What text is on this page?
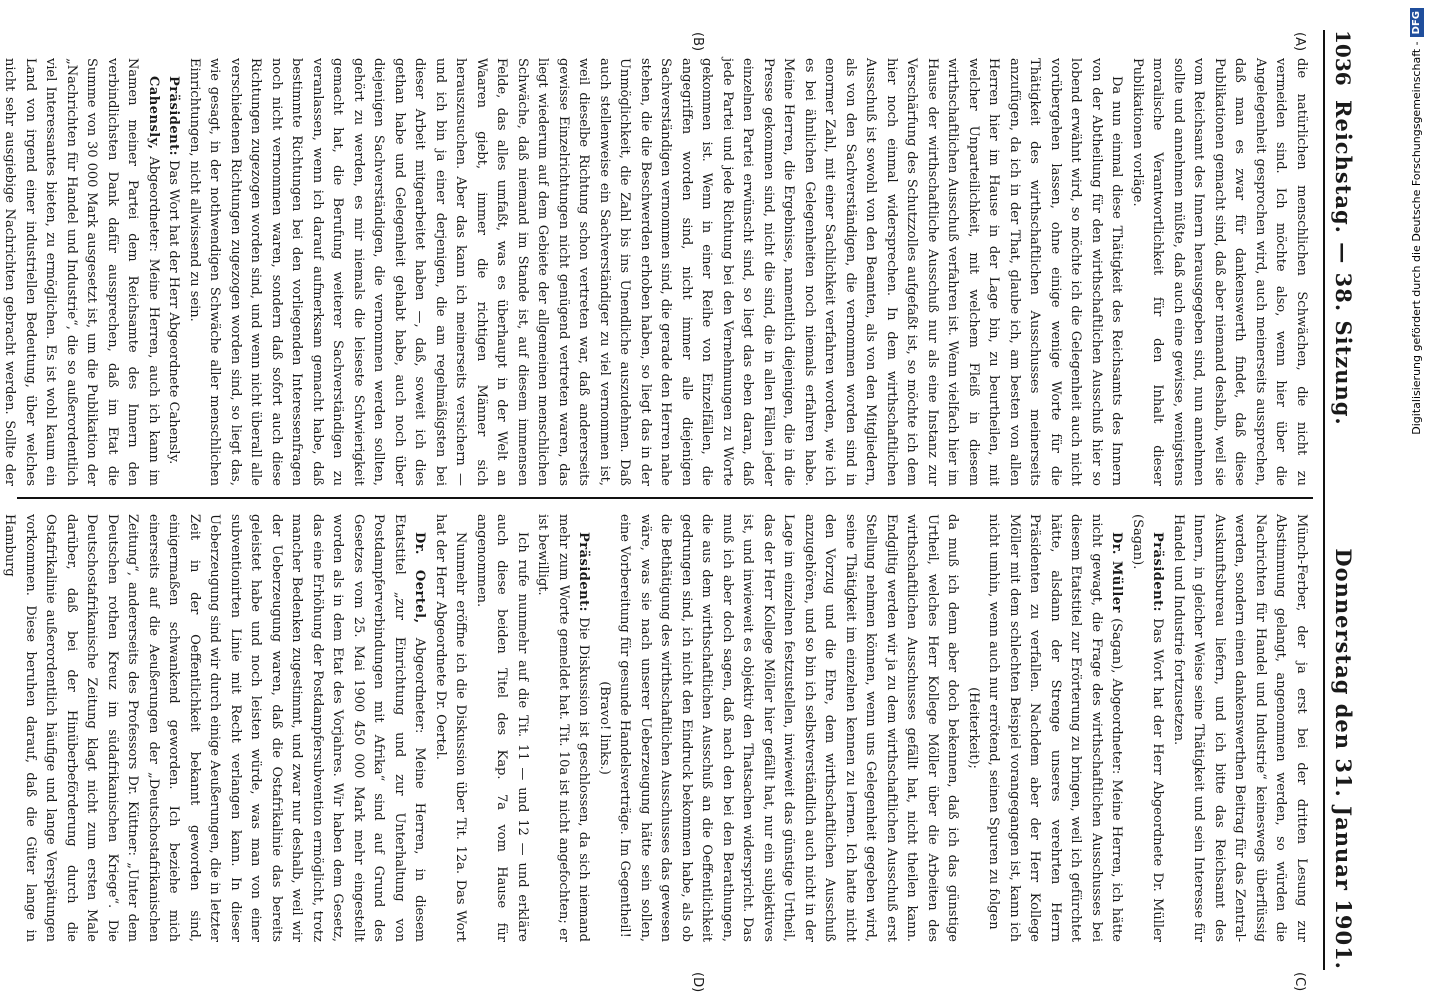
1036
Reichstag. — 38. Sitzung.
Donnerstag den 31. Januar 1901.
(A)
(B)
(C)
(D)

die natürlichen menschlichen Schwächen, die nicht zu vermeiden sind. Ich möchte also, wenn hier über die Angelegenheit gesprochen wird, auch meinerseits aussprechen, daß man es zwar für dankenswerth findet, daß diese Publikationen gemacht sind, daß aber niemand deshalb, weil sie vom Reichsamt des Innern herausgegeben sind, nun annehmen sollte und annehmen müßte, daß auch eine gewisse, wenigstens moralische Verantwortlichkeit für den Inhalt dieser Publikationen vorläge.

Da nun einmal diese Thätigkeit des Reichsamts des Innern von der Abtheilung für den wirthschaftlichen Ausschuß hier so lobend erwähnt wird, so möchte ich die Gelegenheit auch nicht vorübergehen lassen, ohne einige wenige Worte für die Thätigkeit des wirthschaftlichen Ausschusses meinerseits anzufügen, da ich in der That, glaube ich, am besten von allen Herren hier im Hause in der Lage bin, zu beurtheilen, mit welcher Unparteilichkeit, mit welchem Fleiß in diesem wirthschaftlichen Ausschuß verfahren ist. Wenn vielfach hier im Hause der wirthschaftliche Ausschuß nur als eine Instanz zur Verschärfung des Schutzzolles aufgefaßt ist, so möchte ich dem hier noch einmal widersprechen. In dem wirthschaftlichen Ausschuß ist sowohl von den Beamten, als von den Mitgliedern, als von den Sachverständigen, die vernommen worden sind in enormer Zahl, mit einer Sachlichkeit verfahren worden, wie ich es bei ähnlichen Gelegenheiten noch niemals erfahren habe. Meine Herren, die Ergebnisse, namentlich diejenigen, die in die Presse gekommen sind, nicht die sind, die in allen Fällen jeder einzelnen Partei erwünscht sind, so liegt das eben daran, daß jede Partei und jede Richtung bei den Vernehmungen zu Worte gekommen ist. Wenn in einer Reihe von Einzelfällen, die angegriffen worden sind, nicht immer alle diejenigen Sachverständigen vernommen sind, die gerade den Herren nahe stehen, die die Beschwerden erhoben haben, so liegt das in der Unmöglichkeit, die Zahl bis ins Unendliche auszudehnen. Daß auch stellenweise ein Sachverständiger zu viel vernommen ist, weil dieselbe Richtung schon vertreten war, daß andererseits gewisse Einzelrichtungen nicht genügend vertreten waren, das liegt wiederum auf dem Gebiete der allgemeinen menschlichen Schwäche, daß niemand im Stande ist, auf diesem immensen Felde, das alles umfaßt, was es überhaupt in der Welt an Waaren giebt, immer die richtigen Männer sich herauszusuchen. Aber das kann ich meinerseits versichern — und ich bin ja einer derjenigen, die am regelmäßigsten bei dieser Arbeit mitgearbeitet haben —, daß, soweit ich dies gethan habe und Gelegenheit gehabt habe, auch noch über diejenigen Sachverständigen, die vernommen werden sollten, gehört zu werden, es mir niemals die leiseste Schwierigkeit gemacht hat, die Berufung weiterer Sachverständigen zu veranlassen, wenn ich darauf aufmerksam gemacht habe, daß bestimmte Richtungen bei den vorliegenden Interessenfragen noch nicht vernommen waren, sondern daß sofort auch diese Richtungen zugezogen worden sind, und wenn nicht überall alle verschiedenen Richtungen zugezogen worden sind, so liegt das, wie gesagt, in der nothwendigen Schwäche aller menschlichen Einrichtungen, nicht allwissend zu sein.

Präsident: Das Wort hat der Herr Abgeordnete Cahensly.

Cahensly, Abgeordneter: Meine Herren, auch ich kann im Namen meiner Partei dem Reichsamte des Innern den verbindlichsten Dank dafür aussprechen, daß im Etat die Summe von 30 000 Mark ausgesetzt ist, um die Publikation der „Nachrichten für Handel und Industrie“, die so außerordentlich viel Interessantes bieten, zu ermöglichen. Es ist wohl kaum ein Land von irgend einer industriellen Bedeutung, über welches nicht sehr ausgiebige Nachrichten gebracht werden. Sollte der

Münch-Ferber, der ja erst bei der dritten Lesung zur Abstimmung gelangt, angenommen werden, so würden die Nachrichten für Handel und Industrie“ keineswegs überflüssig werden, sondern einen dankenswerthen Beitrag für das Zentral-Auskunftsbureau liefern, und ich bitte das Reichsamt des Innern, in gleicher Weise seine Thätigkeit und sein Interesse für Handel und Industrie fortzusetzen.

Präsident: Das Wort hat der Herr Abgeordnete Dr. Müller (Sagan).

Dr. Müller (Sagan), Abgeordneter: Meine Herren, ich hätte nicht gewagt, die Frage des wirthschaftlichen Ausschusses bei diesem Etatstitel zur Erörterung zu bringen, weil ich gefürchtet hätte, alsdann der Strenge unseres verehrten Herrn Präsidenten zu verfallen. Nachdem aber der Herr Kollege Möller mit dem schlechten Beispiel vorangegangen ist, kann ich nicht umhin, wenn auch nur errötend, seinen Spuren zu folgen

(Heiterkeit);

da muß ich denn aber doch bekennen, daß ich das günstige Urtheil, welches Herr Kollege Möller über die Arbeiten des wirthschaftlichen Ausschusses gefällt hat, nicht theilen kann. Endgiltig werden wir ja zu dem wirthschaftlichen Ausschuß erst Stellung nehmen können, wenn uns Gelegenheit gegeben wird, seine Thätigkeit im einzelnen kennen zu lernen. Ich hatte nicht den Vorzug und die Ehre, dem wirthschaftlichen Ausschuß anzugehören, und so bin ich selbstverständlich auch nicht in der Lage im einzelnen festzustellen, inwieweit das günstige Urtheil, das der Herr Kollege Möller hier gefällt hat, nur ein subjektives ist, und inwieweit es objektiv den Thatsachen widerspricht. Das muß ich aber doch sagen, daß nach den bei den Berathungen, die aus dem wirthschaftlichen Ausschuß an die Oeffentlichkeit gedrungen sind, ich nicht den Eindruck bekommen habe, als ob die Bethätigung des wirthschaftlichen Ausschusses das gewesen wäre, was sie nach unserer Ueberzeugung hätte sein sollen, eine Vorbereitung für gesunde Handelsverträge. Im Gegentheil!

(Bravo! links.)

Präsident: Die Diskussion ist geschlossen, da sich niemand mehr zum Worte gemeldet hat. Tit. 10a ist nicht angefochten; er ist bewilligt.

Ich rufe nunmehr auf die Tit. 11 — und 12 — und erkläre auch diese beiden Titel des Kap. 7a vom Hause für angenommen.

Nunmehr eröffne ich die Diskussion über Tit. 12a. Das Wort hat der Herr Abgeordnete Dr. Oertel.

Dr. Oertel, Abgeordneter: Meine Herren, in diesem Etatstitel „zur Einrichtung und zur Unterhaltung von Postdampferverbindungen mit Afrika“ sind auf Grund des Gesetzes vom 25. Mai 1900 450 000 Mark mehr eingestellt worden als in dem Etat des Vorjahres. Wir haben dem Gesetz, das eine Erhöhung der Postdampfersubvention ermöglicht, trotz mancher Bedenken zugestimmt, und zwar nur deshalb, weil wir der Ueberzeugung waren, daß die Ostafrikalinie das bereits geleistet habe und noch leisten würde, was man von einer subventionirten Linie mit Recht verlangen kann. In dieser Ueberzeugung sind wir durch einige Aeußerungen, die in letzter Zeit in der Oeffentlichkeit bekannt geworden sind, einigermaßen schwankend geworden. Ich beziehe mich einerseits auf die Aeußerungen der „Deutschostafrikanischen Zeitung“, andererseits des Professors Dr. Küttner: „Unter dem Deutschen rothen Kreuz im südafrikanischen Kriege“. Die Deutschostafrikanische Zeitung klagt nicht zum ersten Male darüber, daß bei der Hinüberbeförderung durch die Ostafrikalinie außerordentlich häufige und lange Verspätungen vorkommen. Diese beruhen darauf, daß die Güter lange in Hamburg

Digitalisierung gefördert durch die Deutsche Forschungsgemeinschaft -DFG
